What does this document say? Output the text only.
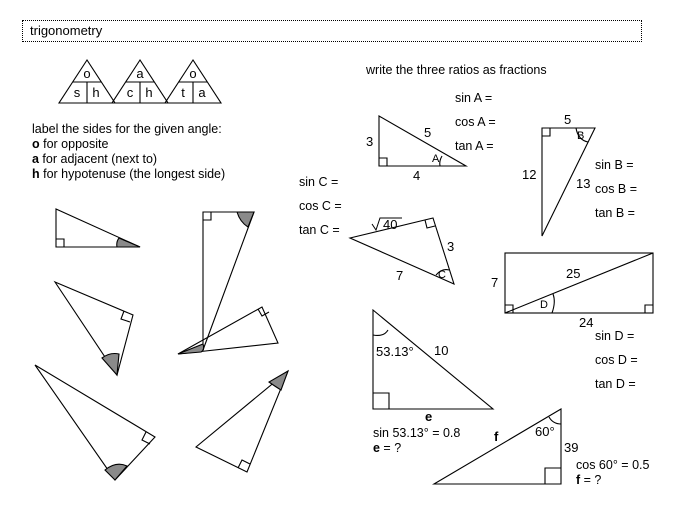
trigonometry
o
s h
a
c h
o
t a
5
3
4
A
5
12
13
B
40
3
7	C	7
25
24
D
53.13° 10
e
60°
f
39
label the sides for the given angle:
o for opposite
a for adjacent (next to)
h for hypotenuse (the longest side)
write the three ratios as fractions
sin A =
cos A =
tan A =
sin B =
cos B =
tan B =
sin C =
cos C =
tan C =
sin D =
cos D =
tan D =
sin 53.13° = 0.8
e = ?
cos 60° = 0.5
f = ?
